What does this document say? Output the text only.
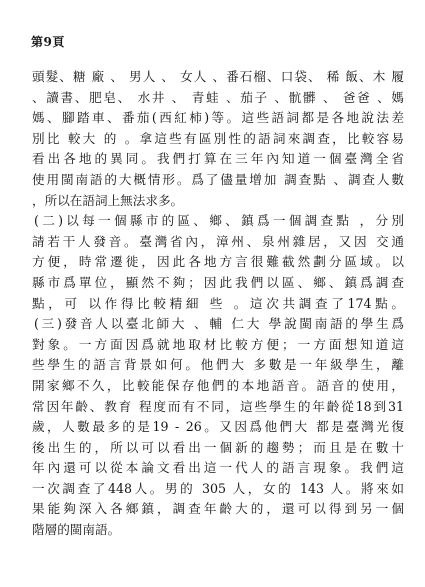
第9頁
頭髮、糖 廠 、 男人 、 女人 、番石榴、口袋、 稀 飯、木 履
、讀書、肥皂、 水井 、 青蛙 、茄子 、骯髒 、 爸爸 、媽
媽、腳踏車、番茄(西紅柿)等。這些語詞都是各地說法差
別比 較大 的 。拿這些有區別性的語詞來調查，比較容易
看出各地的異同。我們打算在三年內知道一個臺灣全省
使用閩南語的大概情形。爲了儘量增加 調查點 、調查人數
，所以在語詞上無法求多。
(二)以每一個縣市的區、鄉、鎮爲一個調查點 ，分別
請若干人發音。臺灣省內，漳州、泉州雜居，又因 交通
方便，時常遷徙，因此各地方言很難截然劃分區域。以
縣市爲單位，顯然不夠；因此我們以區、鄉、鎮爲調查
點，可 以作得比較精細 些 。這次共調查了174點。
(三)發音人以臺北師大 、輔 仁大 學說閩南語的學生爲
對象。一方面因爲就地取材比較方便；一方面想知道這
些學生的語言背景如何。他們大 多數是一年級學生，離
開家鄉不久，比較能保存他們的本地語音。語音的使用，
常因年齡、教育 程度而有不同，這些學生的年齡從18到31
歲，人數最多的是19 - 26。又因爲他們大 都是臺灣光復
後出生的，所以可以看出一個新的趨勢；而且是在數十
年內還可以從本論文看出這一代人的語言現象。我們這
一次調查了448人。男的 305 人，女的 143 人。將來如
果能夠深入各鄉鎮，調查年齡大的，還可以得到另一個
階層的閩南語。
